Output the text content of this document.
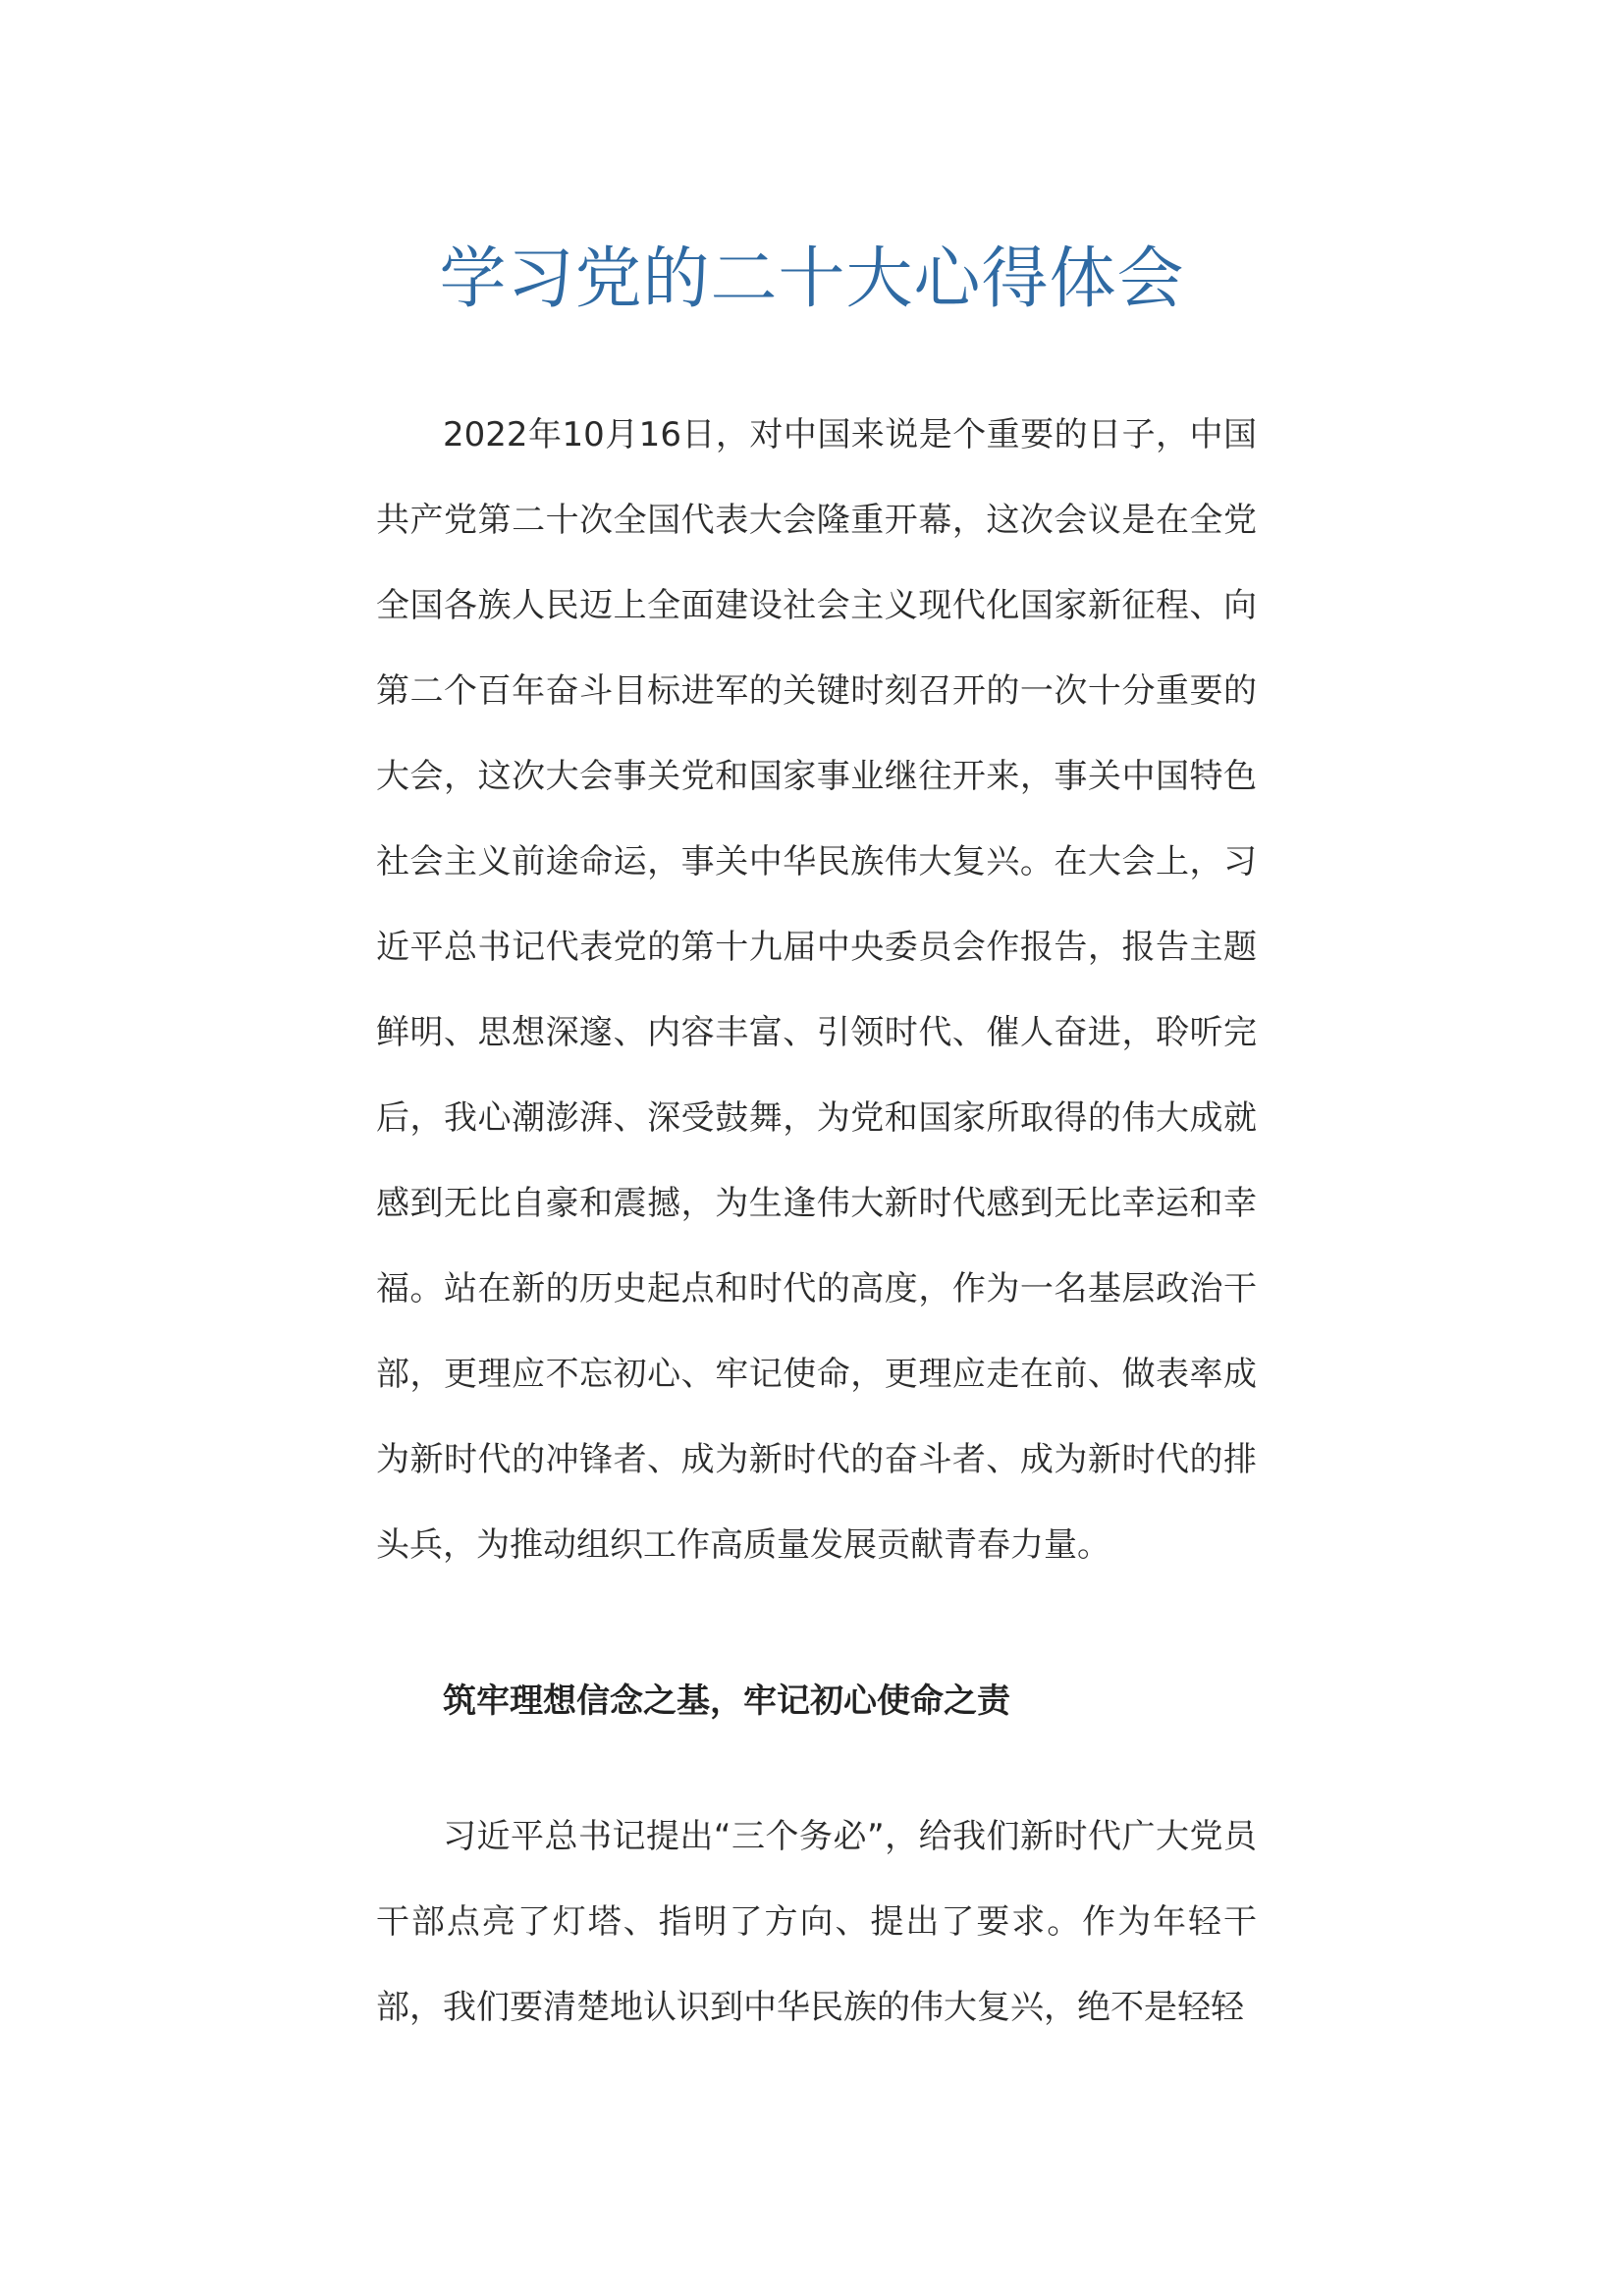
学习党的二十大心得体会

2022年10月16日，对中国来说是个重要的日子，中国共产党第二十次全国代表大会隆重开幕，这次会议是在全党全国各族人民迈上全面建设社会主义现代化国家新征程、向第二个百年奋斗目标进军的关键时刻召开的一次十分重要的大会，这次大会事关党和国家事业继往开来，事关中国特色社会主义前途命运，事关中华民族伟大复兴。在大会上，习近平总书记代表党的第十九届中央委员会作报告，报告主题鲜明、思想深邃、内容丰富、引领时代、催人奋进，聆听完后，我心潮澎湃、深受鼓舞，为党和国家所取得的伟大成就感到无比自豪和震撼，为生逢伟大新时代感到无比幸运和幸福。站在新的历史起点和时代的高度，作为一名基层政治干部，更理应不忘初心、牢记使命，更理应走在前、做表率成为新时代的冲锋者、成为新时代的奋斗者、成为新时代的排头兵，为推动组织工作高质量发展贡献青春力量。

筑牢理想信念之基，牢记初心使命之责

习近平总书记提出“三个务必”，给我们新时代广大党员干部点亮了灯塔、指明了方向、提出了要求。作为年轻干部，我们要清楚地认识到中华民族的伟大复兴，绝不是轻轻
